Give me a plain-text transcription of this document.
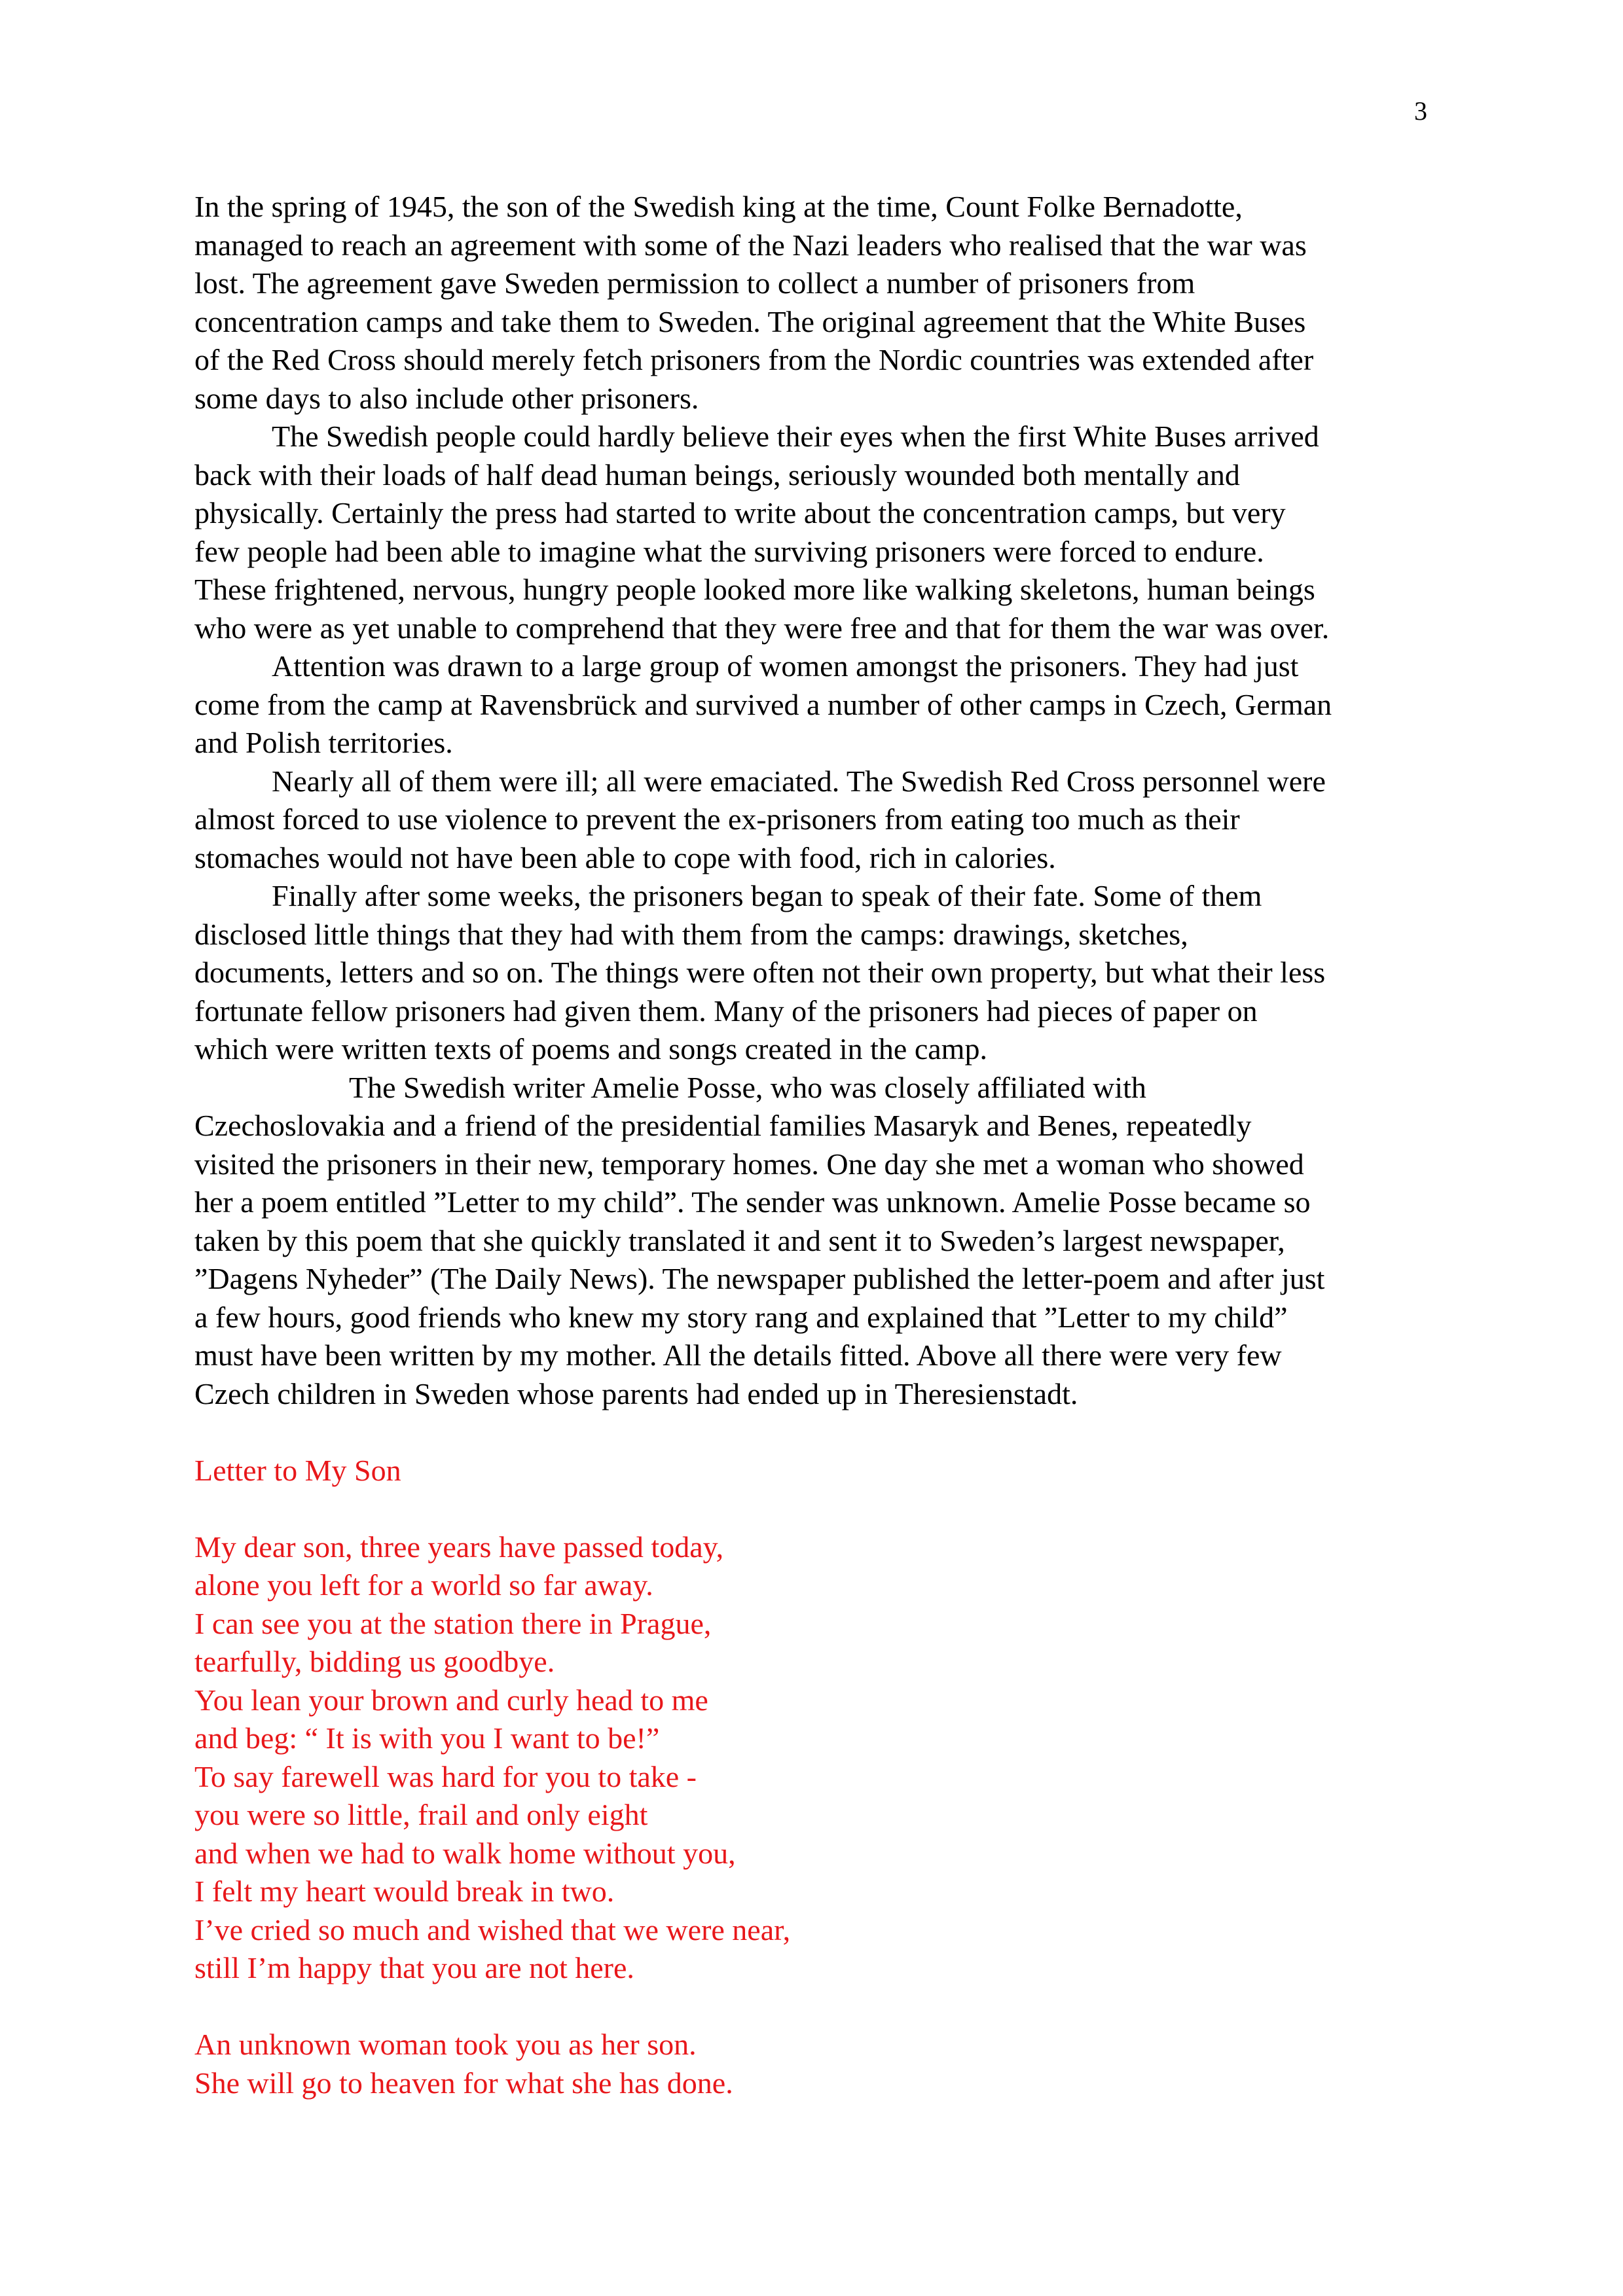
3

In the spring of 1945, the son of the Swedish king at the time, Count Folke Bernadotte,

managed to reach an agreement with some of the Nazi leaders who realised that the war was

lost. The agreement gave Sweden permission to collect a number of prisoners from

concentration camps and take them to Sweden. The original agreement that the White Buses

of the Red Cross should merely fetch prisoners from the Nordic countries was extended after

some days to also include other prisoners.

The Swedish people could hardly believe their eyes when the first White Buses arrived

back with their loads of half dead human beings, seriously wounded both mentally and

physically. Certainly the press had started to write about the concentration camps, but very

few people had been able to imagine what the surviving prisoners were forced to endure.

These frightened, nervous, hungry people looked more like walking skeletons, human beings

who were as yet unable to comprehend that they were free and that for them the war was over.

Attention was drawn to a large group of women amongst the prisoners. They had just

come from the camp at Ravensbrück and survived a number of other camps in Czech, German

and Polish territories.

Nearly all of them were ill; all were emaciated. The Swedish Red Cross personnel were

almost forced to use violence to prevent the ex-prisoners from eating too much as their

stomaches would not have been able to cope with food, rich in calories.

Finally after some weeks, the prisoners began to speak of their fate. Some of them

disclosed little things that they had with them from the camps: drawings, sketches,

documents, letters and so on. The things were often not their own property, but what their less

fortunate fellow prisoners had given them. Many of the prisoners had pieces of paper on

which were written texts of poems and songs created in the camp.

The Swedish writer Amelie Posse, who was closely affiliated with

Czechoslovakia and a friend of the presidential families Masaryk and Benes, repeatedly

visited the prisoners in their new, temporary homes. One day she met a woman who showed

her a poem entitled ”Letter to my child”. The sender was unknown. Amelie Posse became so

taken by this poem that she quickly translated it and sent it to Sweden’s largest newspaper,

”Dagens Nyheder” (The Daily News). The newspaper published the letter-poem and after just

a few hours, good friends who knew my story rang and explained that ”Letter to my child”

must have been written by my mother. All the details fitted. Above all there were very few

Czech children in Sweden whose parents had ended up in Theresienstadt.

Letter to My Son

My dear son, three years have passed today,

alone you left for a world so far away.

I can see you at the station there in Prague,

tearfully, bidding us goodbye.

You lean your brown and curly head to me

and beg: “ It is with you I want to be!”

To say farewell was hard for you to take -

you were so little, frail and only eight

and when we had to walk home without you,

I felt my heart would break in two.

I’ve cried so much and wished that we were near,

still I’m happy that you are not here.

An unknown woman took you as her son.

She will go to heaven for what she has done.
